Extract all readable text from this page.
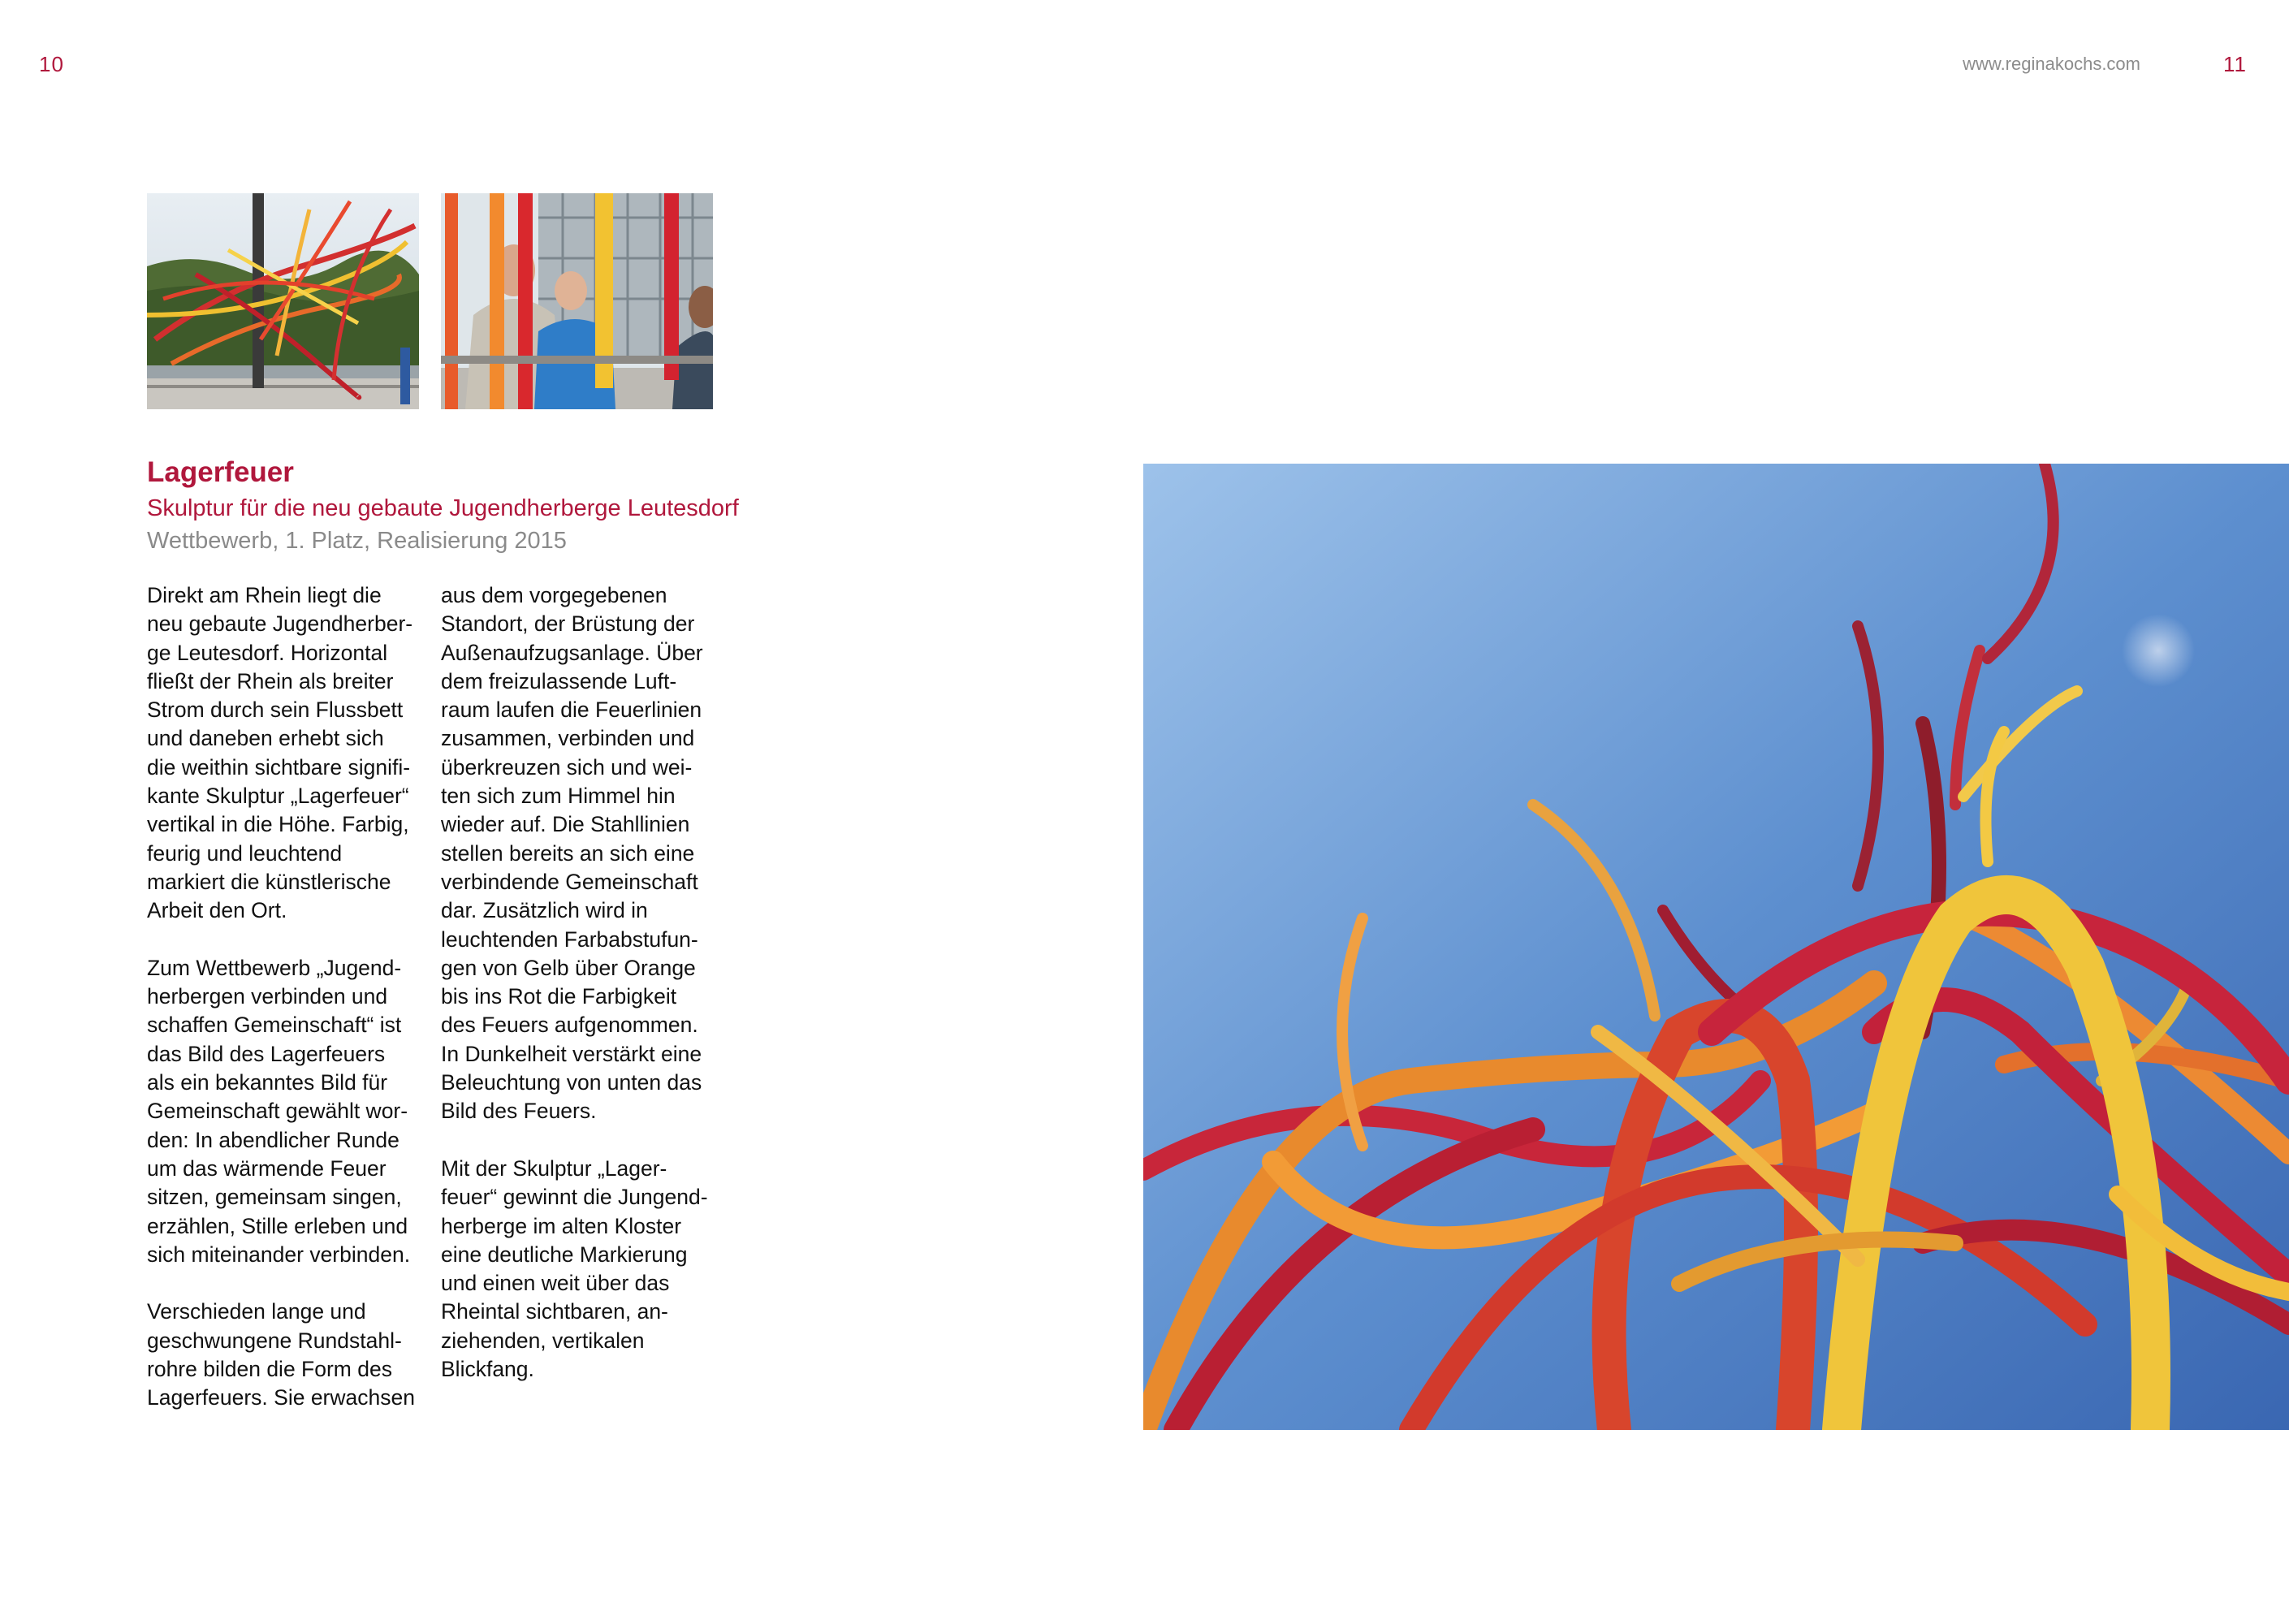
10	www.reginakochs.com	11
Lagerfeuer
Skulptur für die neu gebaute Jugendherberge Leutesdorf
Wettbewerb, 1. Platz, Realisierung 2015

Direkt am Rhein liegt die
neu gebaute Jugendherber-
ge Leutesdorf. Horizontal
fließt der Rhein als breiter
Strom durch sein Flussbett
und daneben erhebt sich
die weithin sichtbare signifi-
kante Skulptur „Lagerfeuer“
vertikal in die Höhe. Farbig,
feurig und leuchtend
markiert die künstlerische
Arbeit den Ort.

Zum Wettbewerb „Jugend-
herbergen verbinden und
schaffen Gemeinschaft“ ist
das Bild des Lagerfeuers
als ein bekanntes Bild für
Gemeinschaft gewählt wor-
den: In abendlicher Runde
um das wärmende Feuer
sitzen, gemeinsam singen,
erzählen, Stille erleben und
sich miteinander verbinden.

Verschieden lange und
geschwungene Rundstahl-
rohre bilden die Form des
Lagerfeuers. Sie erwachsen

aus dem vorgegebenen
Standort, der Brüstung der
Außenaufzugsanlage. Über
dem freizulassende Luft-
raum laufen die Feuerlinien
zusammen, verbinden und
überkreuzen sich und wei-
ten sich zum Himmel hin
wieder auf. Die Stahllinien
stellen bereits an sich eine
verbindende Gemeinschaft
dar. Zusätzlich wird in
leuchtenden Farbabstufun-
gen von Gelb über Orange
bis ins Rot die Farbigkeit
des Feuers aufgenommen.
In Dunkelheit verstärkt eine
Beleuchtung von unten das
Bild des Feuers.

Mit der Skulptur „Lager-
feuer“ gewinnt die Jungend-
herberge im alten Kloster
eine deutliche Markierung
und einen weit über das
Rheintal sichtbaren, an-
ziehenden, vertikalen
Blickfang.
